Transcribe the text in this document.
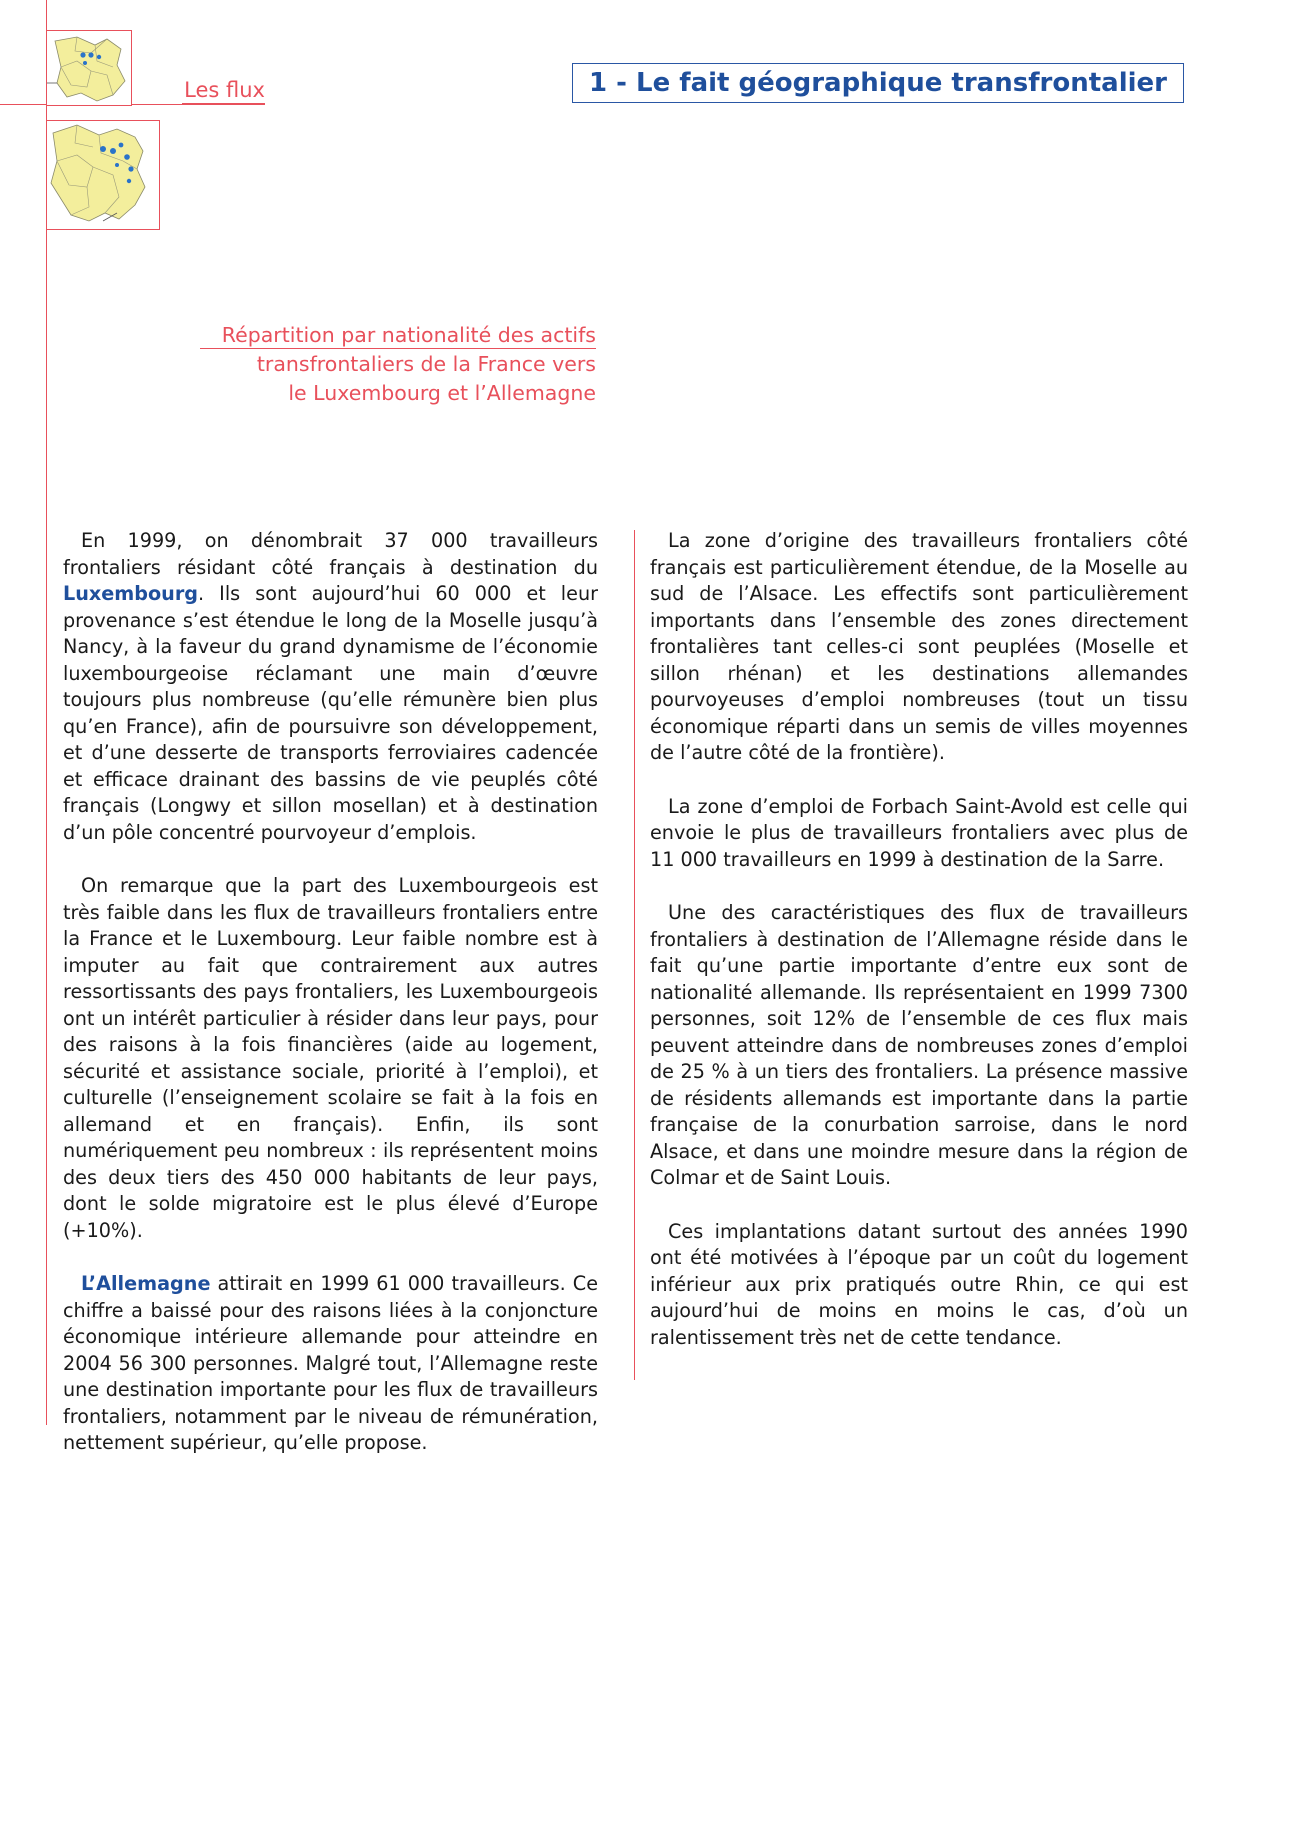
Les flux	1 - Le fait géographique transfrontalier
Répartition par nationalité des actifs
transfrontaliers de la France vers
le Luxembourg et l’Allemagne

En 1999, on dénombrait 37 000 travailleurs frontaliers résidant côté français à destination du Luxembourg. Ils sont aujourd’hui 60 000 et leur provenance s’est étendue le long de la Moselle jusqu’à Nancy, à la faveur du grand dynamisme de l’économie luxembourgeoise réclamant une main d’œuvre toujours plus nombreuse (qu’elle rémunère bien plus qu’en France), afin de poursuivre son développement, et d’une desserte de transports ferroviaires cadencée et efficace drainant des bassins de vie peuplés côté français (Longwy et sillon mosellan) et à destination d’un pôle concentré pourvoyeur d’emplois.

On remarque que la part des Luxembourgeois est très faible dans les flux de travailleurs frontaliers entre la France et le Luxembourg. Leur faible nombre est à imputer au fait que contrairement aux autres ressortissants des pays frontaliers, les Luxembourgeois ont un intérêt particulier à résider dans leur pays, pour des raisons à la fois financières (aide au logement, sécurité et assistance sociale, priorité à l’emploi), et culturelle (l’enseignement scolaire se fait à la fois en allemand et en français). Enfin, ils sont numériquement peu nombreux : ils représentent moins des deux tiers des 450 000 habitants de leur pays, dont le solde migratoire est le plus élevé d’Europe (+10%).

L’Allemagne attirait en 1999 61 000 travailleurs. Ce chiffre a baissé pour des raisons liées à la conjoncture économique intérieure allemande pour atteindre en 2004 56 300 personnes. Malgré tout, l’Allemagne reste une destination importante pour les flux de travailleurs frontaliers, notamment par le niveau de rémunération, nettement supérieur, qu’elle propose.

La zone d’origine des travailleurs frontaliers côté français est particulièrement étendue, de la Moselle au sud de l’Alsace. Les effectifs sont particulièrement importants dans l’ensemble des zones directement frontalières tant celles-ci sont peuplées (Moselle et sillon rhénan) et les destinations allemandes pourvoyeuses d’emploi nombreuses (tout un tissu économique réparti dans un semis de villes moyennes de l’autre côté de la frontière).

La zone d’emploi de Forbach Saint-Avold est celle qui envoie le plus de travailleurs frontaliers avec plus de 11 000 travailleurs en 1999 à destination de la Sarre.

Une des caractéristiques des flux de travailleurs frontaliers à destination de l’Allemagne réside dans le fait qu’une partie importante d’entre eux sont de nationalité allemande. Ils représentaient en 1999 7300 personnes, soit 12% de l’ensemble de ces flux mais peuvent atteindre dans de nombreuses zones d’emploi de 25 % à un tiers des frontaliers. La présence massive de résidents allemands est importante dans la partie française de la conurbation sarroise, dans le nord Alsace, et dans une moindre mesure dans la région de Colmar et de Saint Louis.

Ces implantations datant surtout des années 1990 ont été motivées à l’époque par un coût du logement inférieur aux prix pratiqués outre Rhin, ce qui est aujourd’hui de moins en moins le cas, d’où un ralentissement très net de cette tendance.
